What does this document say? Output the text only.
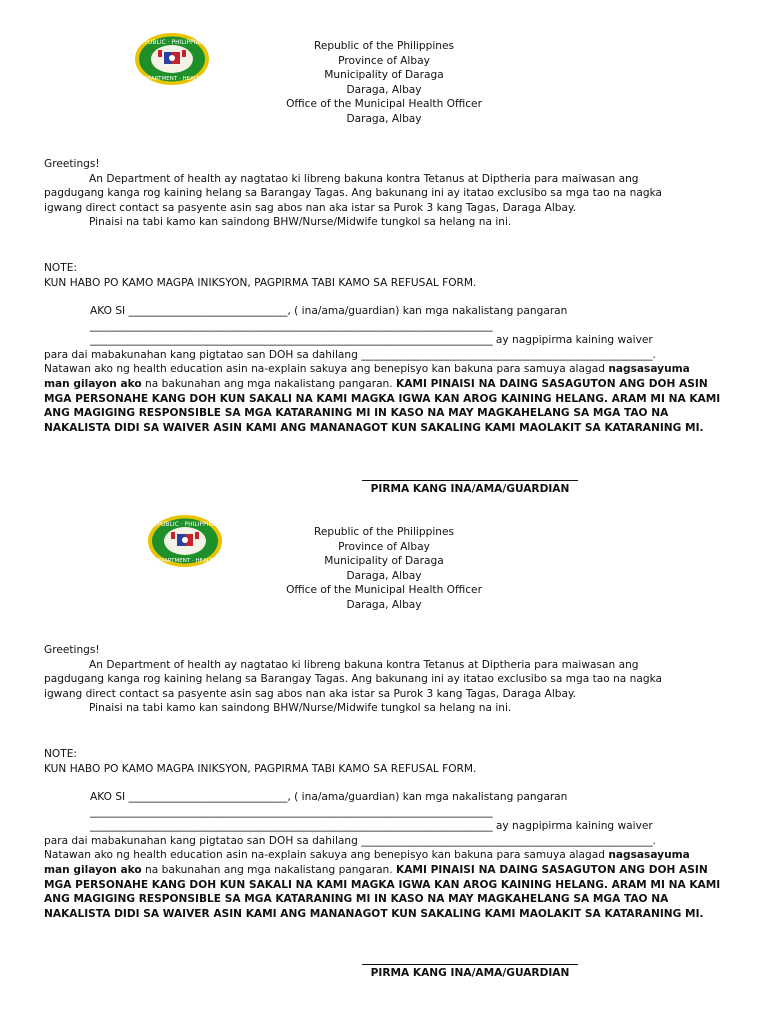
REPUBLIC · PHILIPPINES
DEPARTMENT · HEALTH
Republic of the Philippines
Province of Albay
Municipality of Daraga
Daraga, Albay
Office of the Municipal Health Officer
Daraga, Albay
Greetings!
An Department of health ay nagtatao ki libreng bakuna kontra Tetanus at Diptheria para maiwasan ang
pagdugang kanga rog kaining helang sa Barangay Tagas. Ang bakunang ini ay itatao exclusibo sa mga tao na nagka
igwang direct contact sa pasyente asin sag abos nan aka istar sa Purok 3 kang Tagas, Daraga Albay.
Pinaisi na tabi kamo kan saindong BHW/Nurse/Midwife tungkol sa helang na ini.
NOTE:
KUN HABO PO KAMO MAGPA INIKSYON, PAGPIRMA TABI KAMO SA REFUSAL FORM.
AKO SI ______________________________, ( ina/ama/guardian) kan mga nakalistang pangaran
____________________________________________________________________________
____________________________________________________________________________ ay nagpipirma kaining waiver
para dai mabakunahan kang pigtatao san DOH sa dahilang _______________________________________________________.
Natawan ako ng health education asin na-explain sakuya ang benepisyo kan bakuna para samuya alagad nagsasayuma
man gilayon ako na bakunahan ang mga nakalistang pangaran. KAMI PINAISI NA DAING SASAGUTON ANG DOH ASIN
MGA PERSONAHE KANG DOH KUN SAKALI NA KAMI MAGKA IGWA KAN AROG KAINING HELANG. ARAM MI NA KAMI
ANG MAGIGING RESPONSIBLE SA MGA KATARANING MI IN KASO NA MAY MAGKAHELANG SA MGA TAO NA
NAKALISTA DIDI SA WAIVER ASIN KAMI ANG MANANAGOT KUN SAKALING KAMI MAOLAKIT SA KATARANING MI.
PIRMA KANG INA/AMA/GUARDIAN
REPUBLIC · PHILIPPINES
DEPARTMENT · HEALTH
Republic of the Philippines
Province of Albay
Municipality of Daraga
Daraga, Albay
Office of the Municipal Health Officer
Daraga, Albay
Greetings!
An Department of health ay nagtatao ki libreng bakuna kontra Tetanus at Diptheria para maiwasan ang
pagdugang kanga rog kaining helang sa Barangay Tagas. Ang bakunang ini ay itatao exclusibo sa mga tao na nagka
igwang direct contact sa pasyente asin sag abos nan aka istar sa Purok 3 kang Tagas, Daraga Albay.
Pinaisi na tabi kamo kan saindong BHW/Nurse/Midwife tungkol sa helang na ini.
NOTE:
KUN HABO PO KAMO MAGPA INIKSYON, PAGPIRMA TABI KAMO SA REFUSAL FORM.
AKO SI ______________________________, ( ina/ama/guardian) kan mga nakalistang pangaran
____________________________________________________________________________
____________________________________________________________________________ ay nagpipirma kaining waiver
para dai mabakunahan kang pigtatao san DOH sa dahilang _______________________________________________________.
Natawan ako ng health education asin na-explain sakuya ang benepisyo kan bakuna para samuya alagad nagsasayuma
man gilayon ako na bakunahan ang mga nakalistang pangaran. KAMI PINAISI NA DAING SASAGUTON ANG DOH ASIN
MGA PERSONAHE KANG DOH KUN SAKALI NA KAMI MAGKA IGWA KAN AROG KAINING HELANG. ARAM MI NA KAMI
ANG MAGIGING RESPONSIBLE SA MGA KATARANING MI IN KASO NA MAY MAGKAHELANG SA MGA TAO NA
NAKALISTA DIDI SA WAIVER ASIN KAMI ANG MANANAGOT KUN SAKALING KAMI MAOLAKIT SA KATARANING MI.
PIRMA KANG INA/AMA/GUARDIAN
